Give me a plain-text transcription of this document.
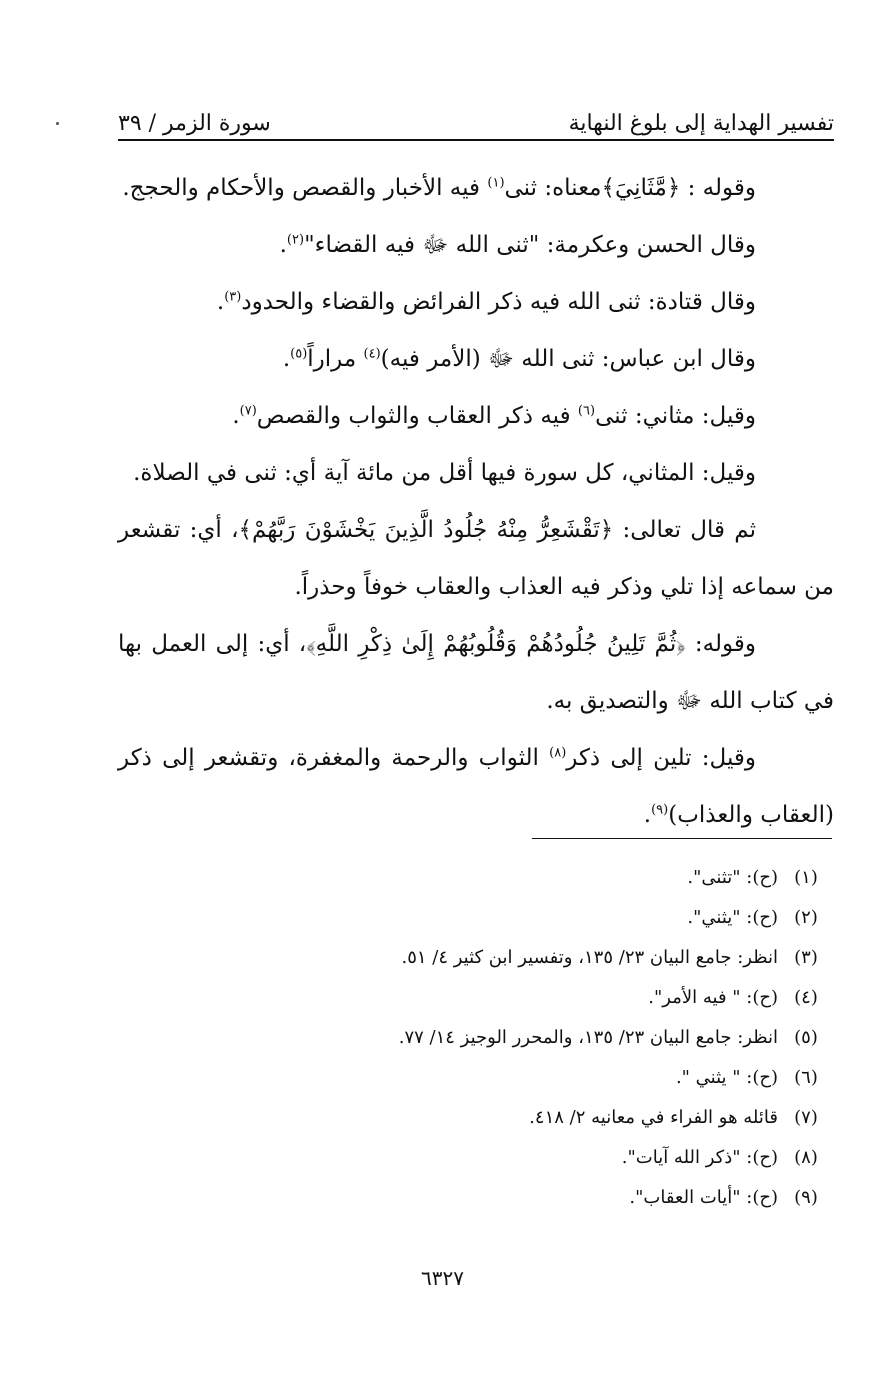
تفسير الهداية إلى بلوغ النهاية
سورة الزمر / ٣٩

وقوله : ﴿مَّثَانِيَ﴾معناه: ثنى$^{(١)}$ فيه الأخبار والقصص والأحكام والحجج.

وقال الحسن وعكرمة: "ثنى الله ﷻ فيه القضاء"$^{(٢)}$.

وقال قتادة: ثنى الله فيه ذكر الفرائض والقضاء والحدود$^{(٣)}$.

وقال ابن عباس: ثنى الله ﷻ (الأمر فيه)$^{(٤)}$ مراراً$^{(٥)}$.

وقيل: مثاني: ثنى$^{(٦)}$ فيه ذكر العقاب والثواب والقصص$^{(٧)}$.

وقيل: المثاني، كل سورة فيها أقل من مائة آية أي: ثنى في الصلاة.

ثم قال تعالى: ﴿تَقْشَعِرُّ مِنْهُ جُلُودُ الَّذِينَ يَخْشَوْنَ رَبَّهُمْ﴾، أي: تقشعر من سماعه إذا تلي وذكر فيه العذاب والعقاب خوفاً وحذراً.

وقوله: ﴿ثُمَّ تَلِينُ جُلُودُهُمْ وَقُلُوبُهُمْ إِلَىٰ ذِكْرِ اللَّهِ﴾، أي: إلى العمل بها في كتاب الله ﷻ والتصديق به.

وقيل: تلين إلى ذكر$^{(٨)}$ الثواب والرحمة والمغفرة، وتقشعر إلى ذكر (العقاب والعذاب)$^{(٩)}$.

(١)
(ح): "تثنى".
(٢)
(ح): "يثني".
(٣)
انظر: جامع البيان ٢٣/ ١٣٥، وتفسير ابن كثير ٤/ ٥١.
(٤)
(ح): " فيه الأمر".
(٥)
انظر: جامع البيان ٢٣/ ١٣٥، والمحرر الوجيز ١٤/ ٧٧.
(٦)
(ح): " يثني ".
(٧)
قائله هو الفراء في معانيه ٢/ ٤١٨.
(٨)
(ح): "ذكر الله آيات".
(٩)
(ح): "أيات العقاب".
٦٣٢٧
